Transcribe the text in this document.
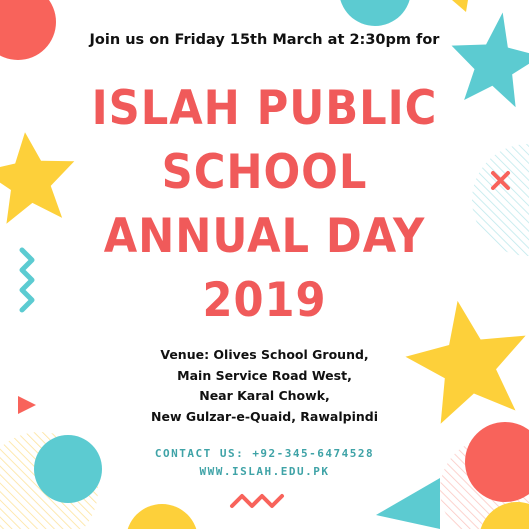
Join us on Friday 15th March at 2:30pm for
ISLAH PUBLIC
SCHOOL
ANNUAL DAY
2019
Venue: Olives School Ground,
Main Service Road West,
Near Karal Chowk,
New Gulzar-e-Quaid, Rawalpindi
CONTACT US: +92-345-6474528
WWW.ISLAH.EDU.PK
